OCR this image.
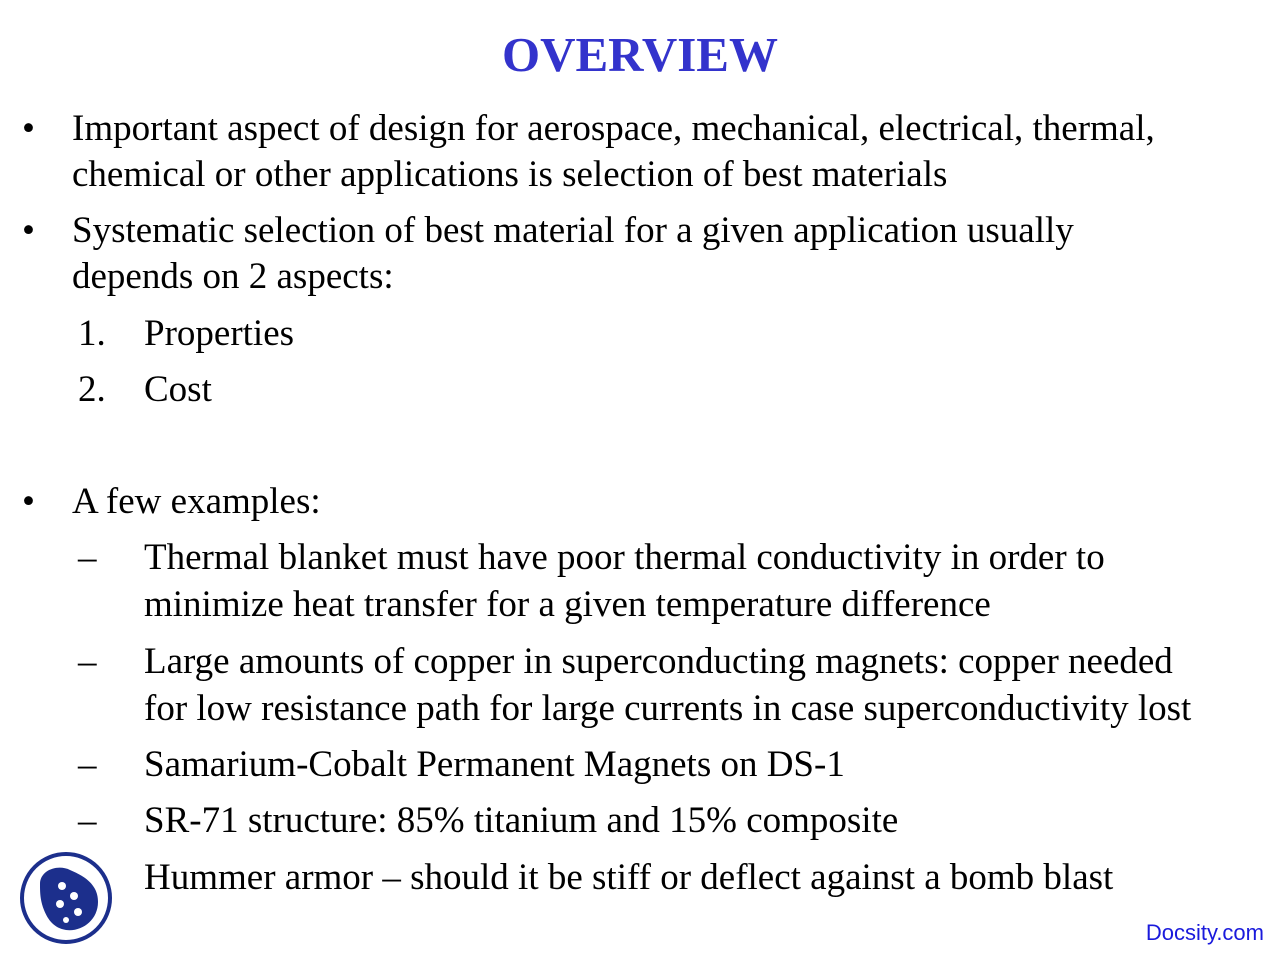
OVERVIEW
• Important aspect of design for aerospace, mechanical, electrical, thermal,
chemical or other applications is selection of best materials
• Systematic selection of best material for a given application usually
depends on 2 aspects:
1. Properties
2. Cost
• A few examples:
– Thermal blanket must have poor thermal conductivity in order to
minimize heat transfer for a given temperature difference
– Large amounts of copper in superconducting magnets: copper needed
for low resistance path for large currents in case superconductivity lost
– Samarium-Cobalt Permanent Magnets on DS-1
– SR-71 structure: 85% titanium and 15% composite
Hummer armor – should it be stiff or deflect against a bomb blast
Docsity.com
